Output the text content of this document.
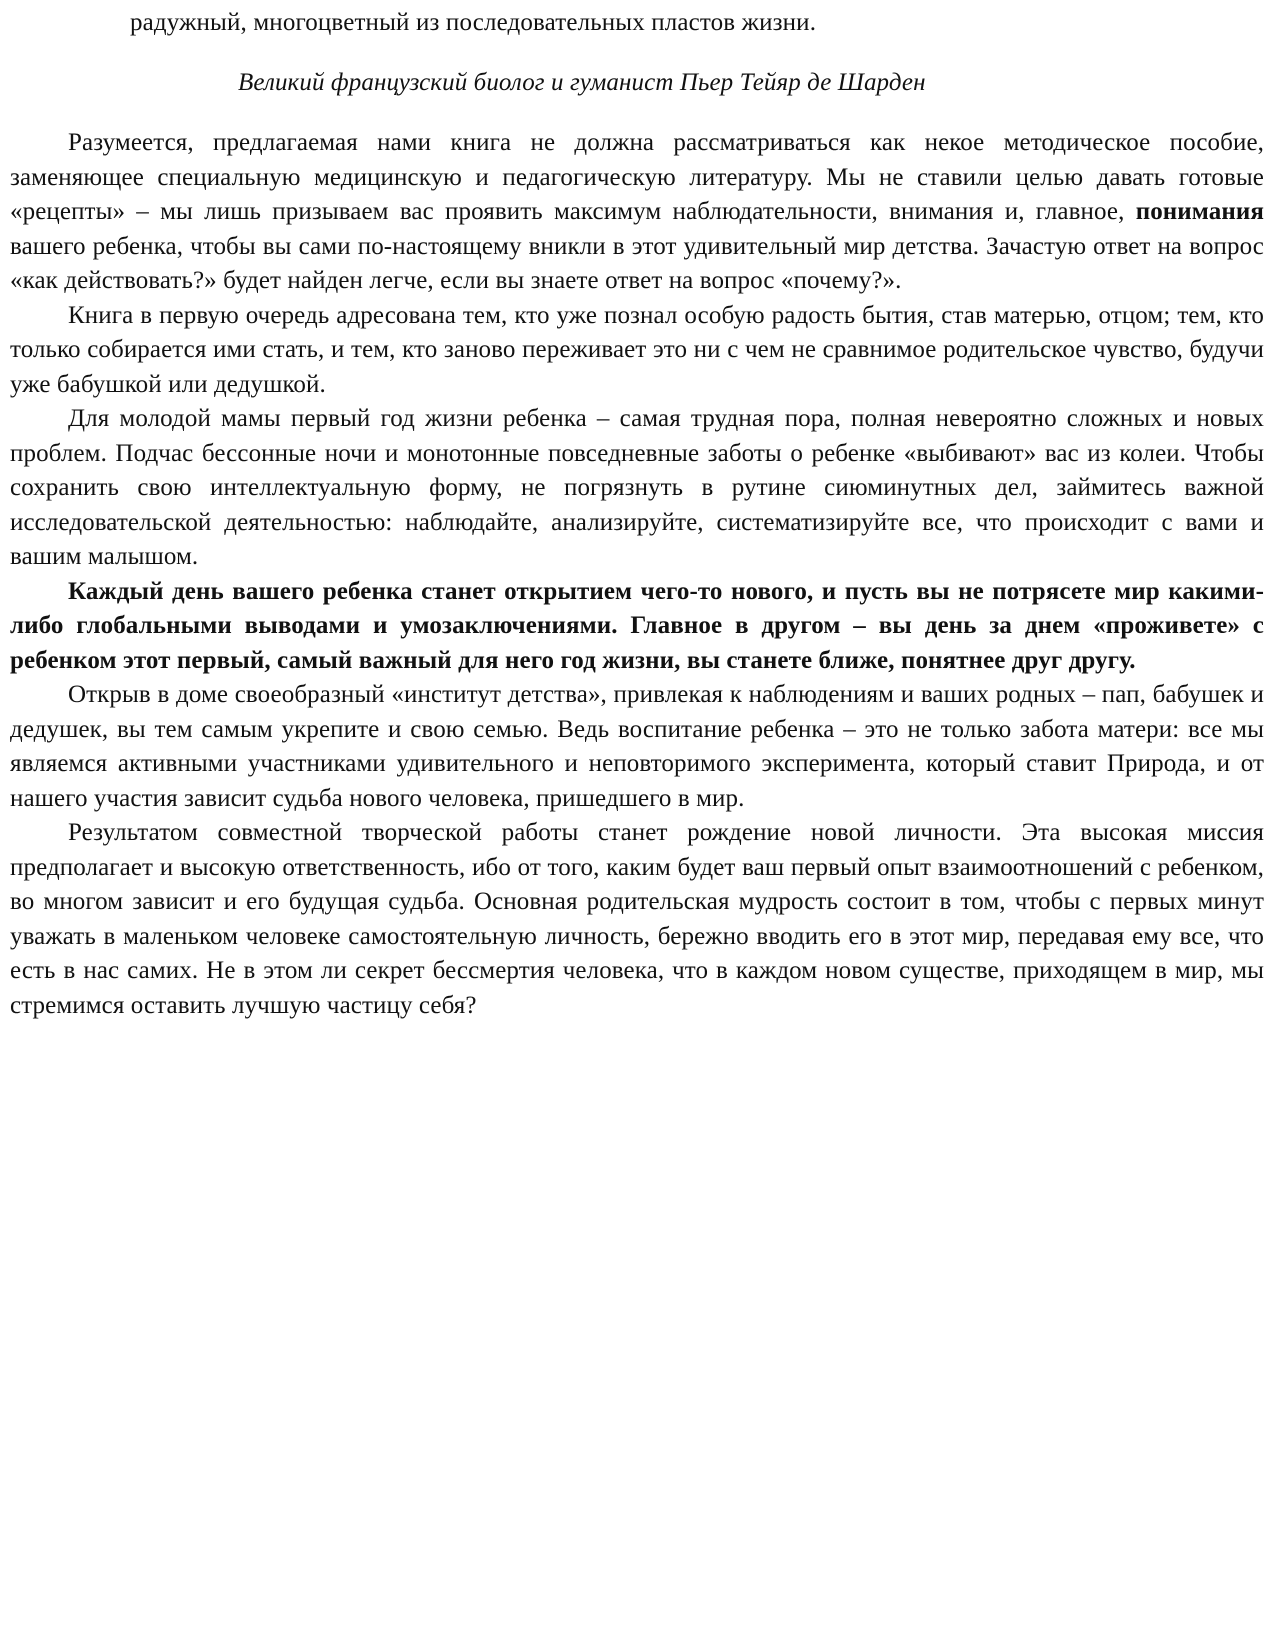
радужный, многоцветный из последовательных пластов жизни.

Великий французский биолог и гуманист Пьер Тейяр де Шарден

Разумеется, предлагаемая нами книга не должна рассматриваться как некое методическое пособие, заменяющее специальную медицинскую и педагогическую литературу. Мы не ставили целью давать готовые «рецепты» – мы лишь призываем вас проявить максимум наблюдательности, внимания и, главное, понимания вашего ребенка, чтобы вы сами по-настоящему вникли в этот удивительный мир детства. Зачастую ответ на вопрос «как действовать?» будет найден легче, если вы знаете ответ на вопрос «почему?».

Книга в первую очередь адресована тем, кто уже познал особую радость бытия, став матерью, отцом; тем, кто только собирается ими стать, и тем, кто заново переживает это ни с чем не сравнимое родительское чувство, будучи уже бабушкой или дедушкой.

Для молодой мамы первый год жизни ребенка – самая трудная пора, полная невероятно сложных и новых проблем. Подчас бессонные ночи и монотонные повседневные заботы о ребенке «выбивают» вас из колеи. Чтобы сохранить свою интеллектуальную форму, не погрязнуть в рутине сиюминутных дел, займитесь важной исследовательской деятельностью: наблюдайте, анализируйте, систематизируйте все, что происходит с вами и вашим малышом.

Каждый день вашего ребенка станет открытием чего-то нового, и пусть вы не потрясете мир какими-либо глобальными выводами и умозаключениями. Главное в другом – вы день за днем «проживете» с ребенком этот первый, самый важный для него год жизни, вы станете ближе, понятнее друг другу.

Открыв в доме своеобразный «институт детства», привлекая к наблюдениям и ваших родных – пап, бабушек и дедушек, вы тем самым укрепите и свою семью. Ведь воспитание ребенка – это не только забота матери: все мы являемся активными участниками удивительного и неповторимого эксперимента, который ставит Природа, и от нашего участия зависит судьба нового человека, пришедшего в мир.

Результатом совместной творческой работы станет рождение новой личности. Эта высокая миссия предполагает и высокую ответственность, ибо от того, каким будет ваш первый опыт взаимоотношений с ребенком, во многом зависит и его будущая судьба. Основная родительская мудрость состоит в том, чтобы с первых минут уважать в маленьком человеке самостоятельную личность, бережно вводить его в этот мир, передавая ему все, что есть в нас самих. Не в этом ли секрет бессмертия человека, что в каждом новом существе, приходящем в мир, мы стремимся оставить лучшую частицу себя?
